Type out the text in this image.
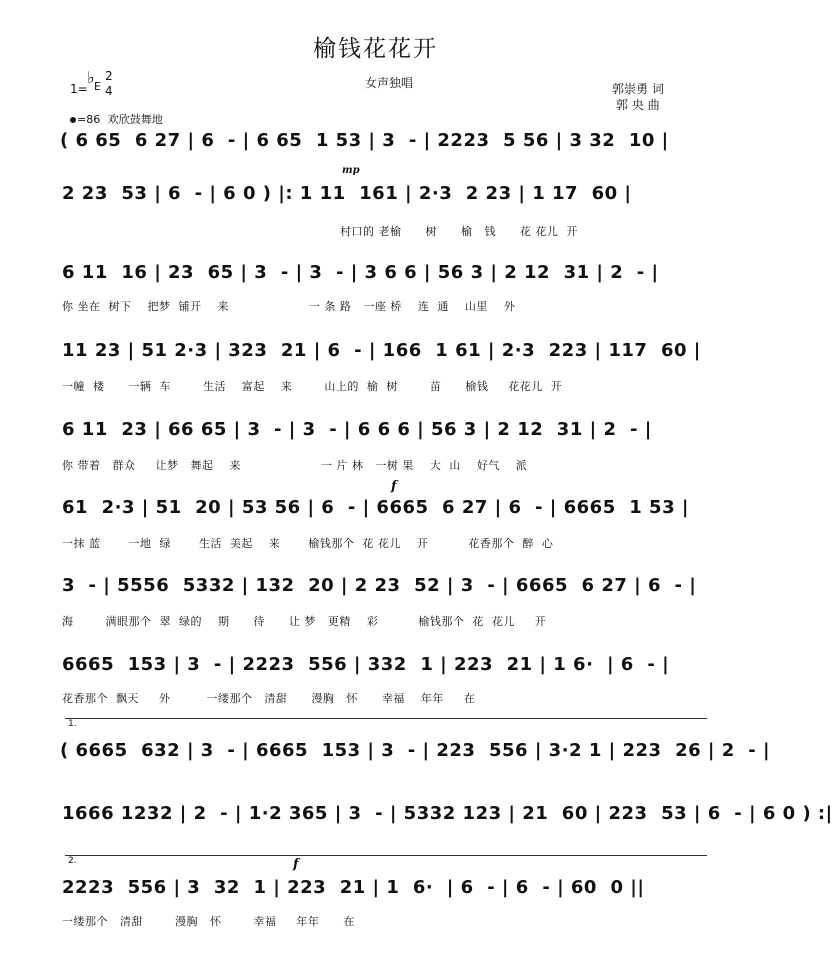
榆钱花花开
女声独唱	郭崇勇 词
郭 央 曲
1=
♭ E
2
4
=86 欢欣鼓舞地
( 6 65  6 27 | 6  - | 6 65  1 53 | 3  - | 2223  5 56 | 3 32  10 |
mp
2 23  53 | 6  - | 6 0 ) |: 1 11  161 | 2·3  2 23 | 1 17  60 |
村口的 老榆      树      榆   钱      花 花儿  开
6 11  16 | 23  65 | 3  - | 3  - | 3 6 6 | 56 3 | 2 12  31 | 2  - |
你 坐在  树下    把梦  铺开    来                    一 条 路   一座 桥    连  通    山里    外
11 23 | 51 2·3 | 323  21 | 6  - | 166  1 61 | 2·3  223 | 117  60 |
一幢  楼      一辆  车        生活    富起    来        山上的  榆  树        苗      榆钱     花花儿  开
6 11  23 | 66 65 | 3  - | 3  - | 6 6 6 | 56 3 | 2 12  31 | 2  - |
你 带着   群众     让梦   舞起    来                    一 片 林   一树 果    大  山    好气    派
f
61  2·3 | 51  20 | 53 56 | 6  - | 6665  6 27 | 6  - | 6665  1 53 |
一抹 蓝       一地  绿       生活  美起    来       榆钱那个  花 花儿    开          花香那个  醉  心
3  - | 5556  5332 | 132  20 | 2 23  52 | 3  - | 6665  6 27 | 6  - |
海        满眼那个  翠  绿的    期      待      让 梦   更精    彩          榆钱那个  花  花儿     开
6665  153 | 3  - | 2223  556 | 332  1 | 223  21 | 1 6·  | 6  - |
花香那个  飘天     外         一缕那个   清甜      漫胸   怀      幸福    年年     在
1.
( 6665  632 | 3  - | 6665  153 | 3  - | 223  556 | 3·2 1 | 223  26 | 2  - |
1666 1232 | 2  - | 1·2 365 | 3  - | 5332 123 | 21  60 | 223  53 | 6  - | 6 0 ) :|
2.	f
2223  556 | 3  32  1 | 223  21 | 1  6·  | 6  - | 6  - | 60  0 ||
一缕那个   清甜        漫胸   怀        幸福     年年      在
